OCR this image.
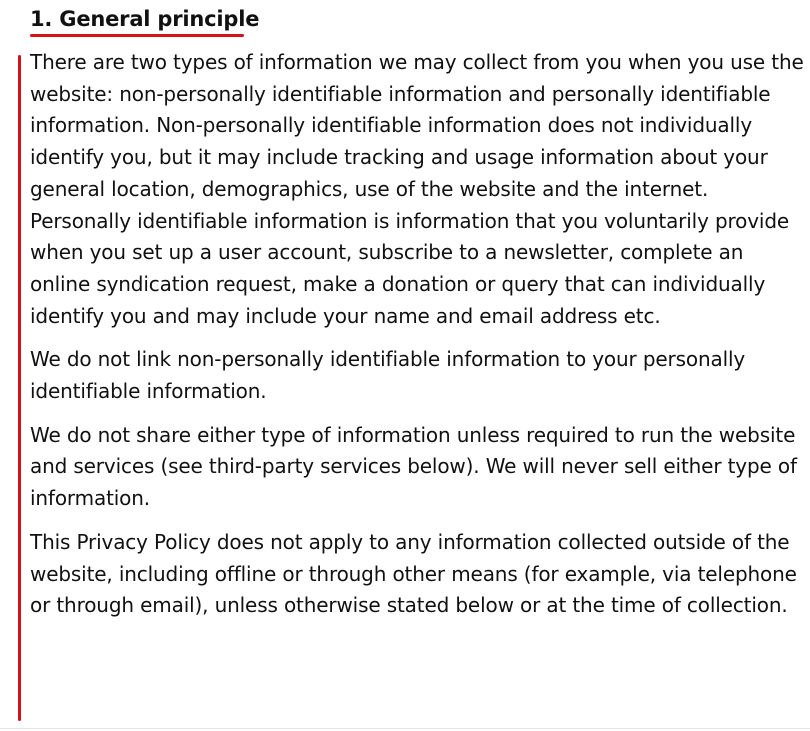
1. General principle

There are two types of information we may collect from you when you use the website: non-personally identifiable information and personally identifiable information. Non-personally identifiable information does not individually identify you, but it may include tracking and usage information about your general location, demographics, use of the website and the internet. Personally identifiable information is information that you voluntarily provide when you set up a user account, subscribe to a newsletter, complete an online syndication request, make a donation or query that can individually identify you and may include your name and email address etc.

We do not link non-personally identifiable information to your personally identifiable information.

We do not share either type of information unless required to run the website and services (see third-party services below). We will never sell either type of information.

This Privacy Policy does not apply to any information collected outside of the website, including offline or through other means (for example, via telephone or through email), unless otherwise stated below or at the time of collection.
